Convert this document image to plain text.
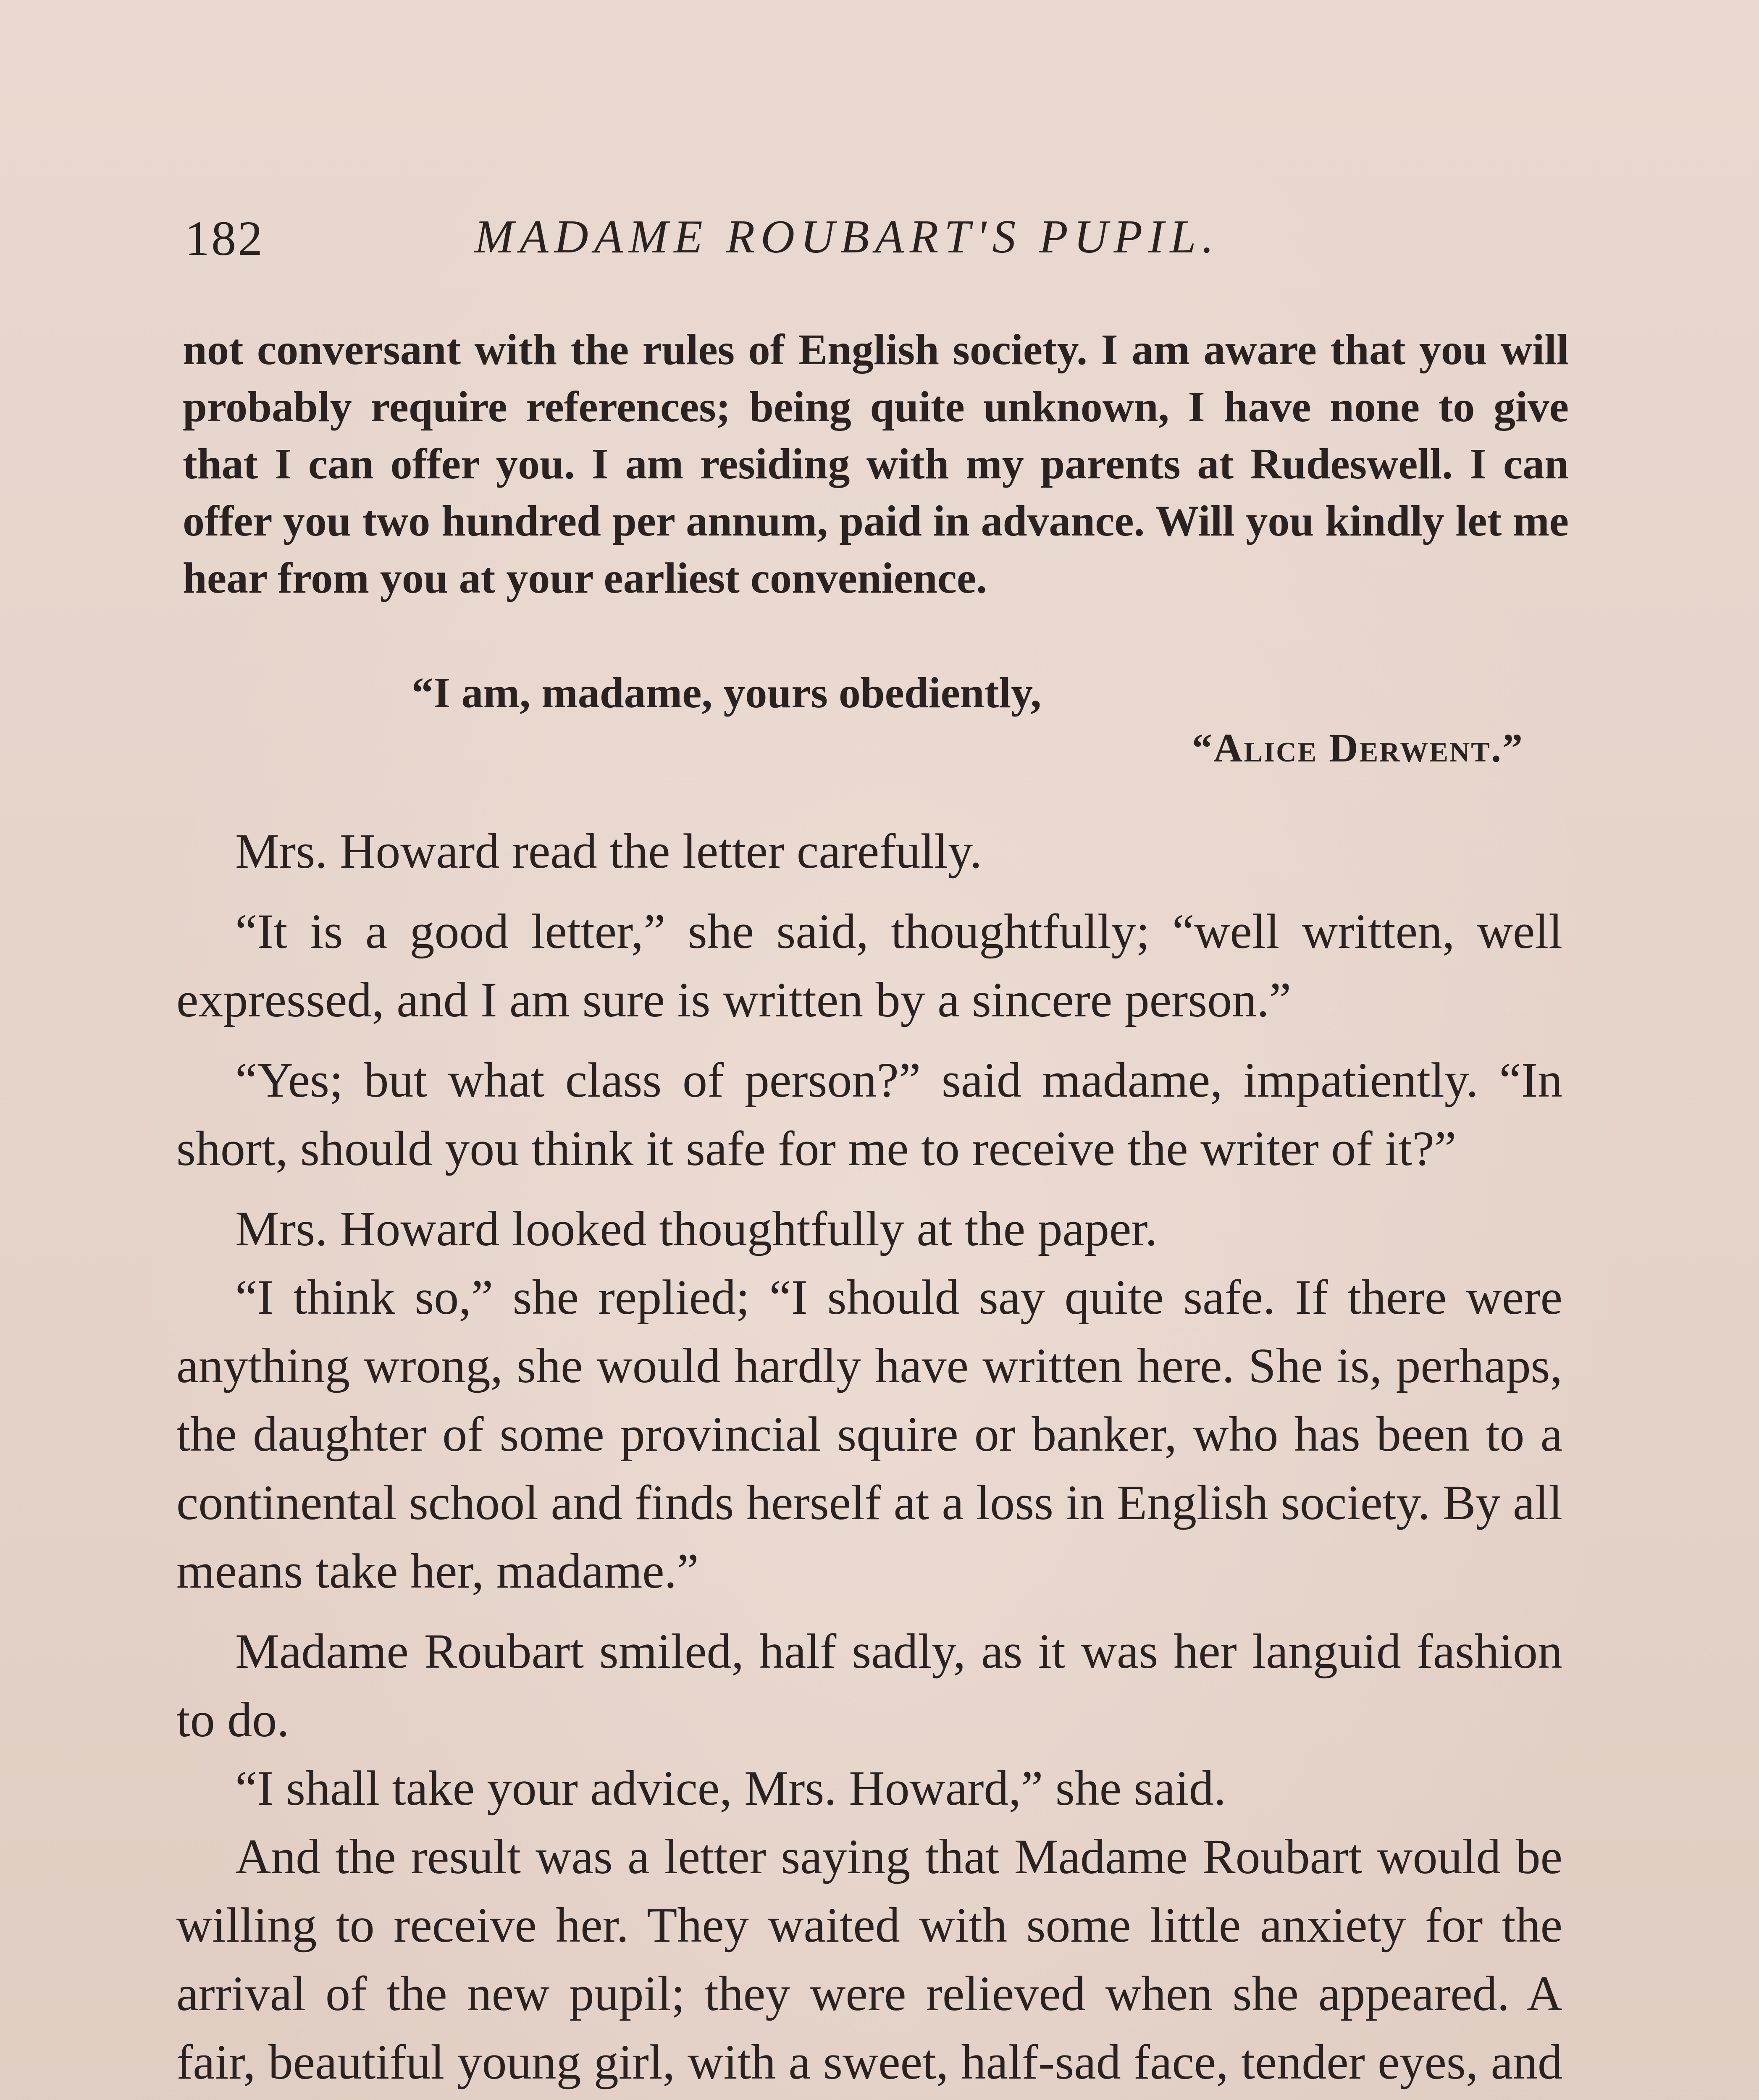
182	MADAME ROUBART'S PUPIL.

not conversant with the rules of English society. I am aware that you will probably require references; being quite unknown, I have none to give that I can offer you. I am residing with my parents at Rudeswell. I can offer you two hundred per annum, paid in advance. Will you kindly let me hear from you at your earliest convenience.

“I am, madame, yours obediently,
“Alice Derwent.”

Mrs. Howard read the letter carefully.

“It is a good letter,” she said, thoughtfully; “well written, well expressed, and I am sure is written by a sincere person.”

“Yes; but what class of person?” said madame, impatiently. “In short, should you think it safe for me to receive the writer of it?”

Mrs. Howard looked thoughtfully at the paper.

“I think so,” she replied; “I should say quite safe. If there were anything wrong, she would hardly have written here. She is, perhaps, the daughter of some provincial squire or banker, who has been to a continental school and finds herself at a loss in English society. By all means take her, madame.”

Madame Roubart smiled, half sadly, as it was her languid fashion to do.

“I shall take your advice, Mrs. Howard,” she said.

And the result was a letter saying that Madame Roubart would be willing to receive her. They waited with some little anxiety for the arrival of the new pupil; they were relieved when she appeared. A fair, beautiful young girl, with a sweet, half-sad face, tender eyes, and
